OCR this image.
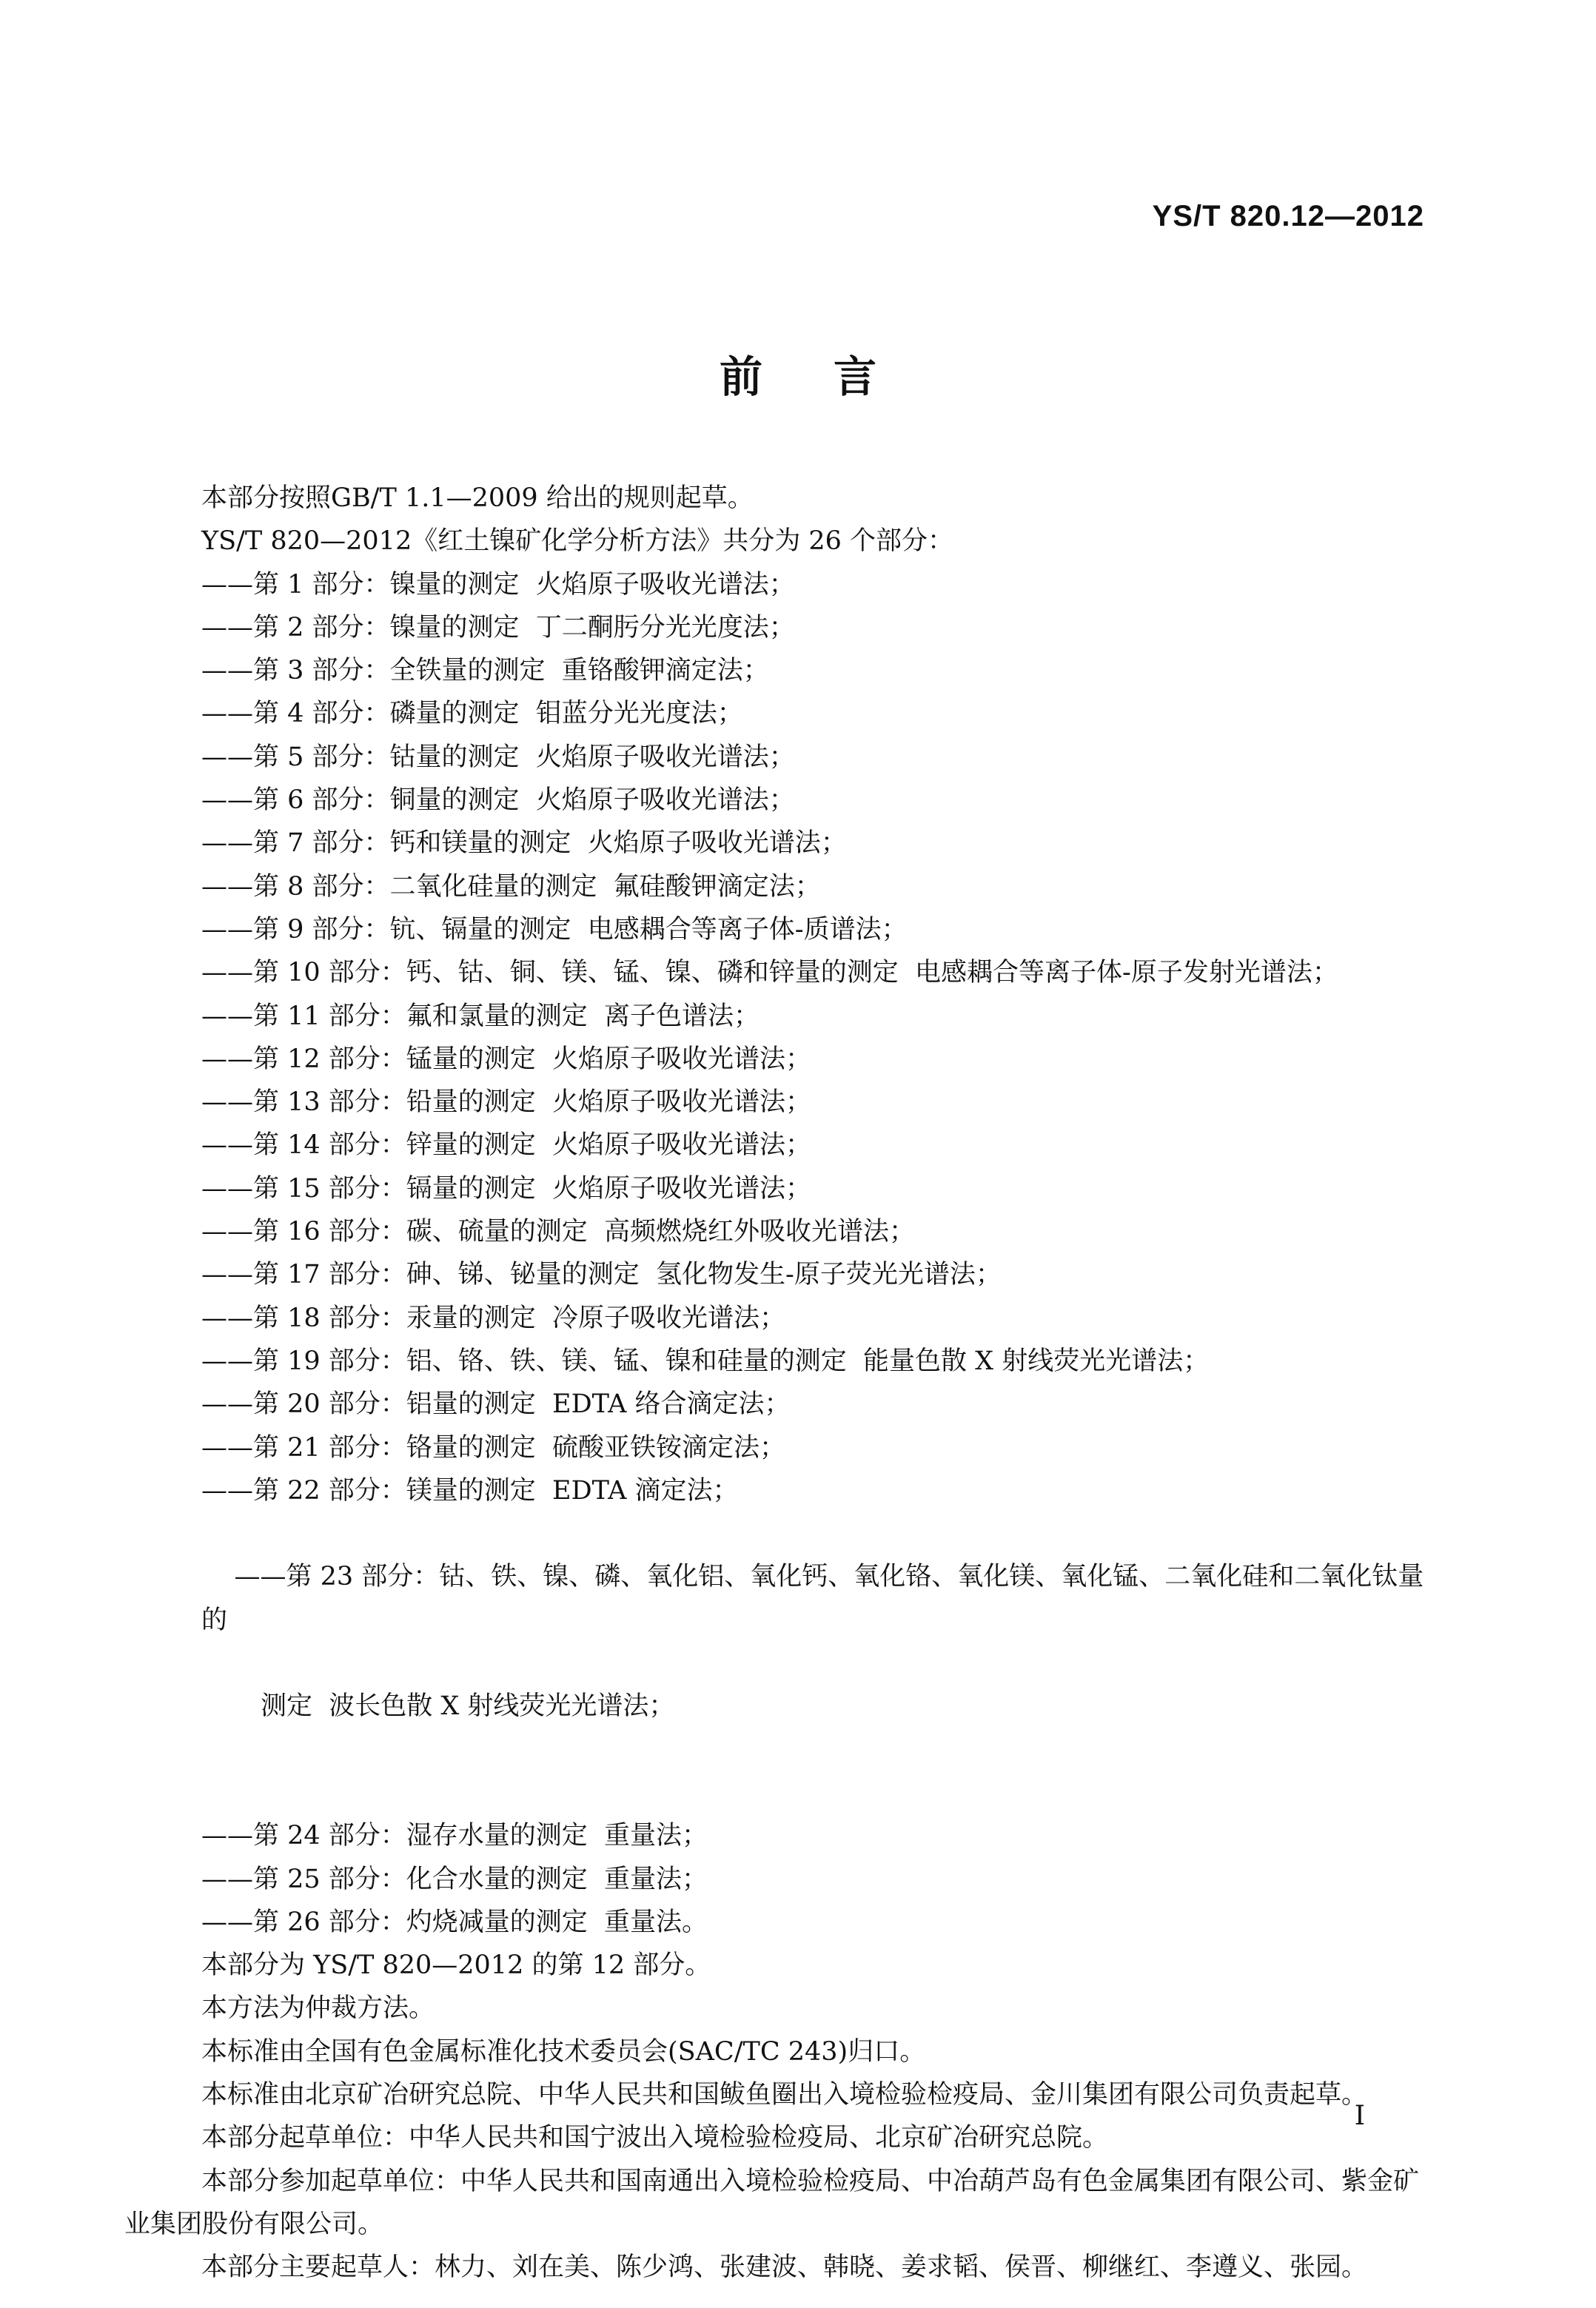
YS/T 820.12—2012
前言

本部分按照GB/T 1.1—2009 给出的规则起草。

YS/T 820—2012《红土镍矿化学分析方法》共分为 26 个部分：

——第 1 部分：镍量的测定  火焰原子吸收光谱法；

——第 2 部分：镍量的测定  丁二酮肟分光光度法；

——第 3 部分：全铁量的测定  重铬酸钾滴定法；

——第 4 部分：磷量的测定  钼蓝分光光度法；

——第 5 部分：钴量的测定  火焰原子吸收光谱法；

——第 6 部分：铜量的测定  火焰原子吸收光谱法；

——第 7 部分：钙和镁量的测定  火焰原子吸收光谱法；

——第 8 部分：二氧化硅量的测定  氟硅酸钾滴定法；

——第 9 部分：钪、镉量的测定  电感耦合等离子体-质谱法；

——第 10 部分：钙、钴、铜、镁、锰、镍、磷和锌量的测定  电感耦合等离子体-原子发射光谱法；

——第 11 部分：氟和氯量的测定  离子色谱法；

——第 12 部分：锰量的测定  火焰原子吸收光谱法；

——第 13 部分：铅量的测定  火焰原子吸收光谱法；

——第 14 部分：锌量的测定  火焰原子吸收光谱法；

——第 15 部分：镉量的测定  火焰原子吸收光谱法；

——第 16 部分：碳、硫量的测定  高频燃烧红外吸收光谱法；

——第 17 部分：砷、锑、铋量的测定  氢化物发生-原子荧光光谱法；

——第 18 部分：汞量的测定  冷原子吸收光谱法；

——第 19 部分：铝、铬、铁、镁、锰、镍和硅量的测定  能量色散 X 射线荧光光谱法；

——第 20 部分：铝量的测定  EDTA 络合滴定法；

——第 21 部分：铬量的测定  硫酸亚铁铵滴定法；

——第 22 部分：镁量的测定  EDTA 滴定法；

——第 23 部分：钴、铁、镍、磷、氧化铝、氧化钙、氧化铬、氧化镁、氧化锰、二氧化硅和二氧化钛量的

测定  波长色散 X 射线荧光光谱法；

——第 24 部分：湿存水量的测定  重量法；

——第 25 部分：化合水量的测定  重量法；

——第 26 部分：灼烧减量的测定  重量法。

本部分为 YS/T 820—2012 的第 12 部分。

本方法为仲裁方法。

本标准由全国有色金属标准化技术委员会(SAC/TC 243)归口。

本标准由北京矿冶研究总院、中华人民共和国鲅鱼圈出入境检验检疫局、金川集团有限公司负责起草。

本部分起草单位：中华人民共和国宁波出入境检验检疫局、北京矿冶研究总院。

本部分参加起草单位：中华人民共和国南通出入境检验检疫局、中冶葫芦岛有色金属集团有限公司、紫金矿业集团股份有限公司。

本部分主要起草人：林力、刘在美、陈少鸿、张建波、韩晓、姜求韬、侯晋、柳继红、李遵义、张园。

I
